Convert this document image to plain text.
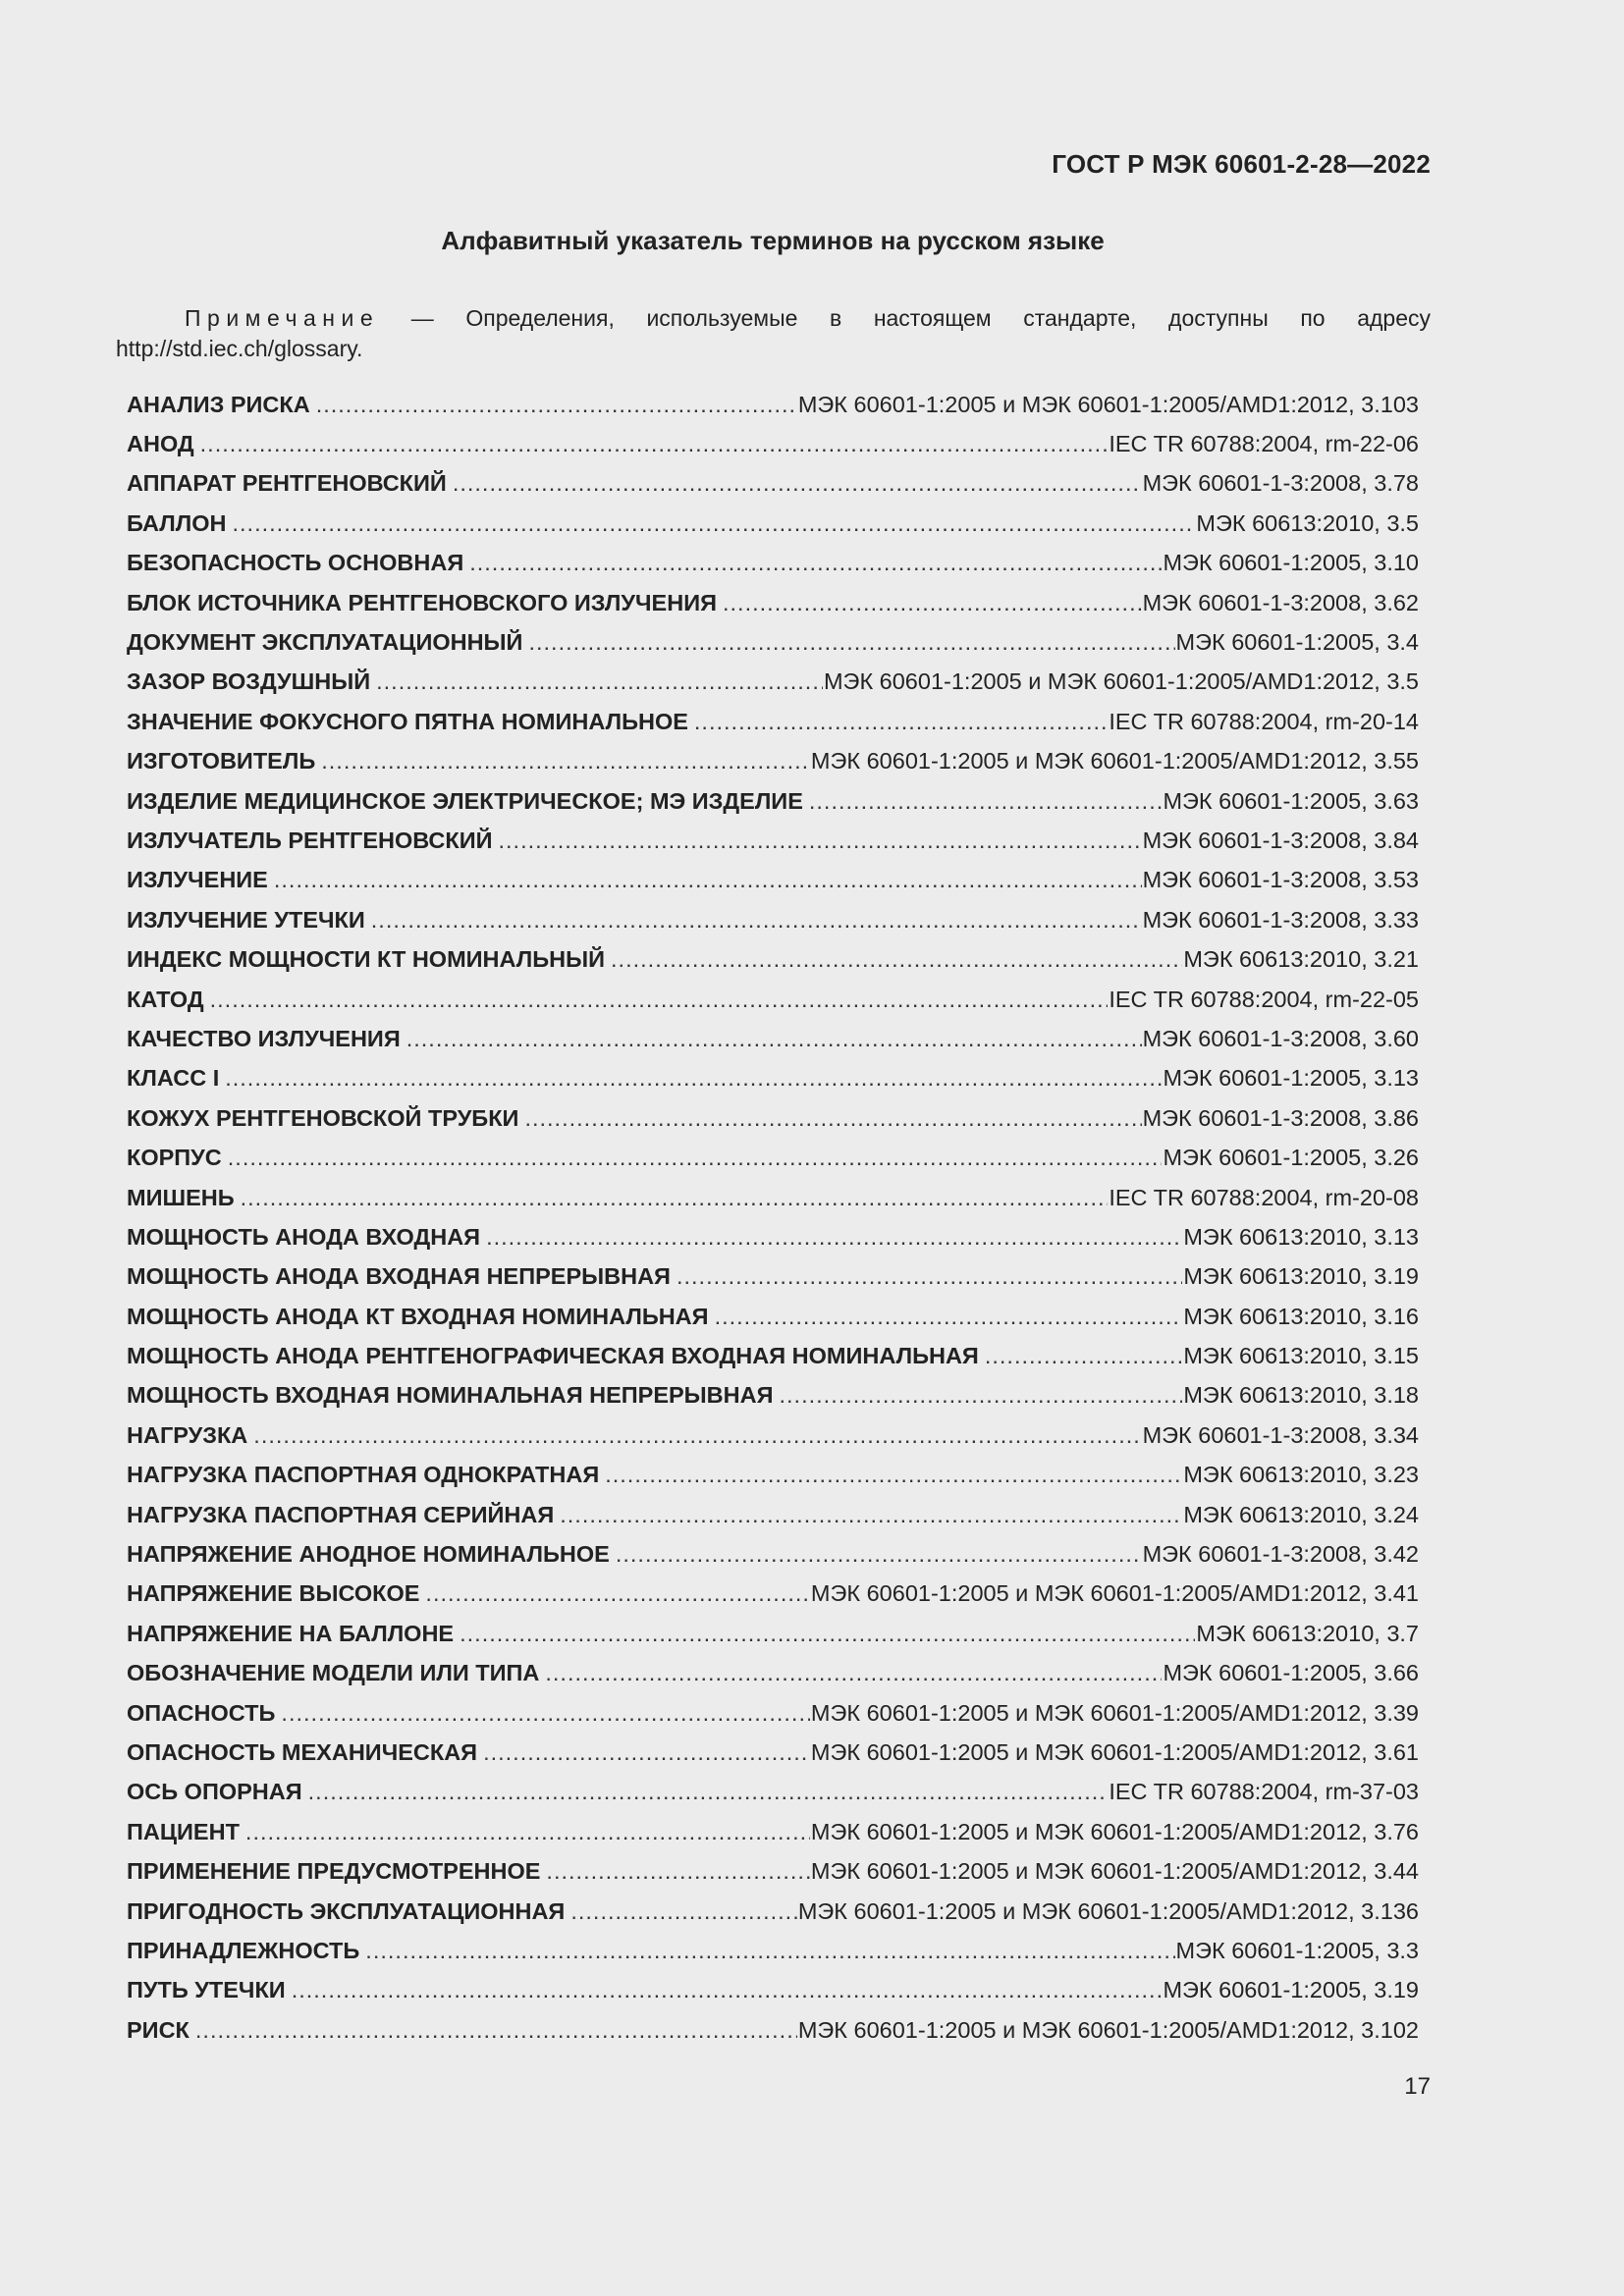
ГОСТ Р МЭК 60601-2-28—2022
Алфавитный указатель терминов на русском языке
Примечание — Определения, используемые в настоящем стандарте, доступны по адресу http://std.iec.ch/glossary.
АНАЛИЗ РИСКА .....	МЭК 60601-1:2005 и МЭК 60601-1:2005/AMD1:2012, 3.103
АНОД .....	IEC TR 60788:2004, rm-22-06
АППАРАТ РЕНТГЕНОВСКИЙ .....	МЭК 60601-1-3:2008, 3.78
БАЛЛОН .....	МЭК 60613:2010, 3.5
БЕЗОПАСНОСТЬ ОСНОВНАЯ .....	МЭК 60601-1:2005, 3.10
БЛОК ИСТОЧНИКА РЕНТГЕНОВСКОГО ИЗЛУЧЕНИЯ .....	МЭК 60601-1-3:2008, 3.62
ДОКУМЕНТ ЭКСПЛУАТАЦИОННЫЙ .....	МЭК 60601-1:2005, 3.4
ЗАЗОР ВОЗДУШНЫЙ .....	МЭК 60601-1:2005 и МЭК 60601-1:2005/AMD1:2012, 3.5
ЗНАЧЕНИЕ ФОКУСНОГО ПЯТНА НОМИНАЛЬНОЕ .....	IEC TR 60788:2004, rm-20-14
ИЗГОТОВИТЕЛЬ .....	МЭК 60601-1:2005 и МЭК 60601-1:2005/AMD1:2012, 3.55
ИЗДЕЛИЕ МЕДИЦИНСКОЕ ЭЛЕКТРИЧЕСКОЕ; МЭ ИЗДЕЛИЕ .....	МЭК 60601-1:2005, 3.63
ИЗЛУЧАТЕЛЬ РЕНТГЕНОВСКИЙ .....	МЭК 60601-1-3:2008, 3.84
ИЗЛУЧЕНИЕ .....	МЭК 60601-1-3:2008, 3.53
ИЗЛУЧЕНИЕ УТЕЧКИ .....	МЭК 60601-1-3:2008, 3.33
ИНДЕКС МОЩНОСТИ КТ НОМИНАЛЬНЫЙ .....	МЭК 60613:2010, 3.21
КАТОД .....	IEC TR 60788:2004, rm-22-05
КАЧЕСТВО ИЗЛУЧЕНИЯ .....	МЭК 60601-1-3:2008, 3.60
КЛАСС I .....	МЭК 60601-1:2005, 3.13
КОЖУХ РЕНТГЕНОВСКОЙ ТРУБКИ .....	МЭК 60601-1-3:2008, 3.86
КОРПУС .....	МЭК 60601-1:2005, 3.26
МИШЕНЬ .....	IEC TR 60788:2004, rm-20-08
МОЩНОСТЬ АНОДА ВХОДНАЯ .....	МЭК 60613:2010, 3.13
МОЩНОСТЬ АНОДА ВХОДНАЯ НЕПРЕРЫВНАЯ .....	МЭК 60613:2010, 3.19
МОЩНОСТЬ АНОДА КТ ВХОДНАЯ НОМИНАЛЬНАЯ .....	МЭК 60613:2010, 3.16
МОЩНОСТЬ АНОДА РЕНТГЕНОГРАФИЧЕСКАЯ ВХОДНАЯ НОМИНАЛЬНАЯ .....	МЭК 60613:2010, 3.15
МОЩНОСТЬ ВХОДНАЯ НОМИНАЛЬНАЯ НЕПРЕРЫВНАЯ .....	МЭК 60613:2010, 3.18
НАГРУЗКА .....	МЭК 60601-1-3:2008, 3.34
НАГРУЗКА ПАСПОРТНАЯ ОДНОКРАТНАЯ .....	МЭК 60613:2010, 3.23
НАГРУЗКА ПАСПОРТНАЯ СЕРИЙНАЯ .....	МЭК 60613:2010, 3.24
НАПРЯЖЕНИЕ АНОДНОЕ НОМИНАЛЬНОЕ .....	МЭК 60601-1-3:2008, 3.42
НАПРЯЖЕНИЕ ВЫСОКОЕ .....	МЭК 60601-1:2005 и МЭК 60601-1:2005/AMD1:2012, 3.41
НАПРЯЖЕНИЕ НА БАЛЛОНЕ .....	МЭК 60613:2010, 3.7
ОБОЗНАЧЕНИЕ МОДЕЛИ ИЛИ ТИПА .....	МЭК 60601-1:2005, 3.66
ОПАСНОСТЬ .....	МЭК 60601-1:2005 и МЭК 60601-1:2005/AMD1:2012, 3.39
ОПАСНОСТЬ МЕХАНИЧЕСКАЯ .....	МЭК 60601-1:2005 и МЭК 60601-1:2005/AMD1:2012, 3.61
ОСЬ ОПОРНАЯ .....	IEC TR 60788:2004, rm-37-03
ПАЦИЕНТ .....	МЭК 60601-1:2005 и МЭК 60601-1:2005/AMD1:2012, 3.76
ПРИМЕНЕНИЕ ПРЕДУСМОТРЕННОЕ .....	МЭК 60601-1:2005 и МЭК 60601-1:2005/AMD1:2012, 3.44
ПРИГОДНОСТЬ ЭКСПЛУАТАЦИОННАЯ .....	МЭК 60601-1:2005 и МЭК 60601-1:2005/AMD1:2012, 3.136
ПРИНАДЛЕЖНОСТЬ .....	МЭК 60601-1:2005, 3.3
ПУТЬ УТЕЧКИ .....	МЭК 60601-1:2005, 3.19
РИСК .....	МЭК 60601-1:2005 и МЭК 60601-1:2005/AMD1:2012, 3.102
17
